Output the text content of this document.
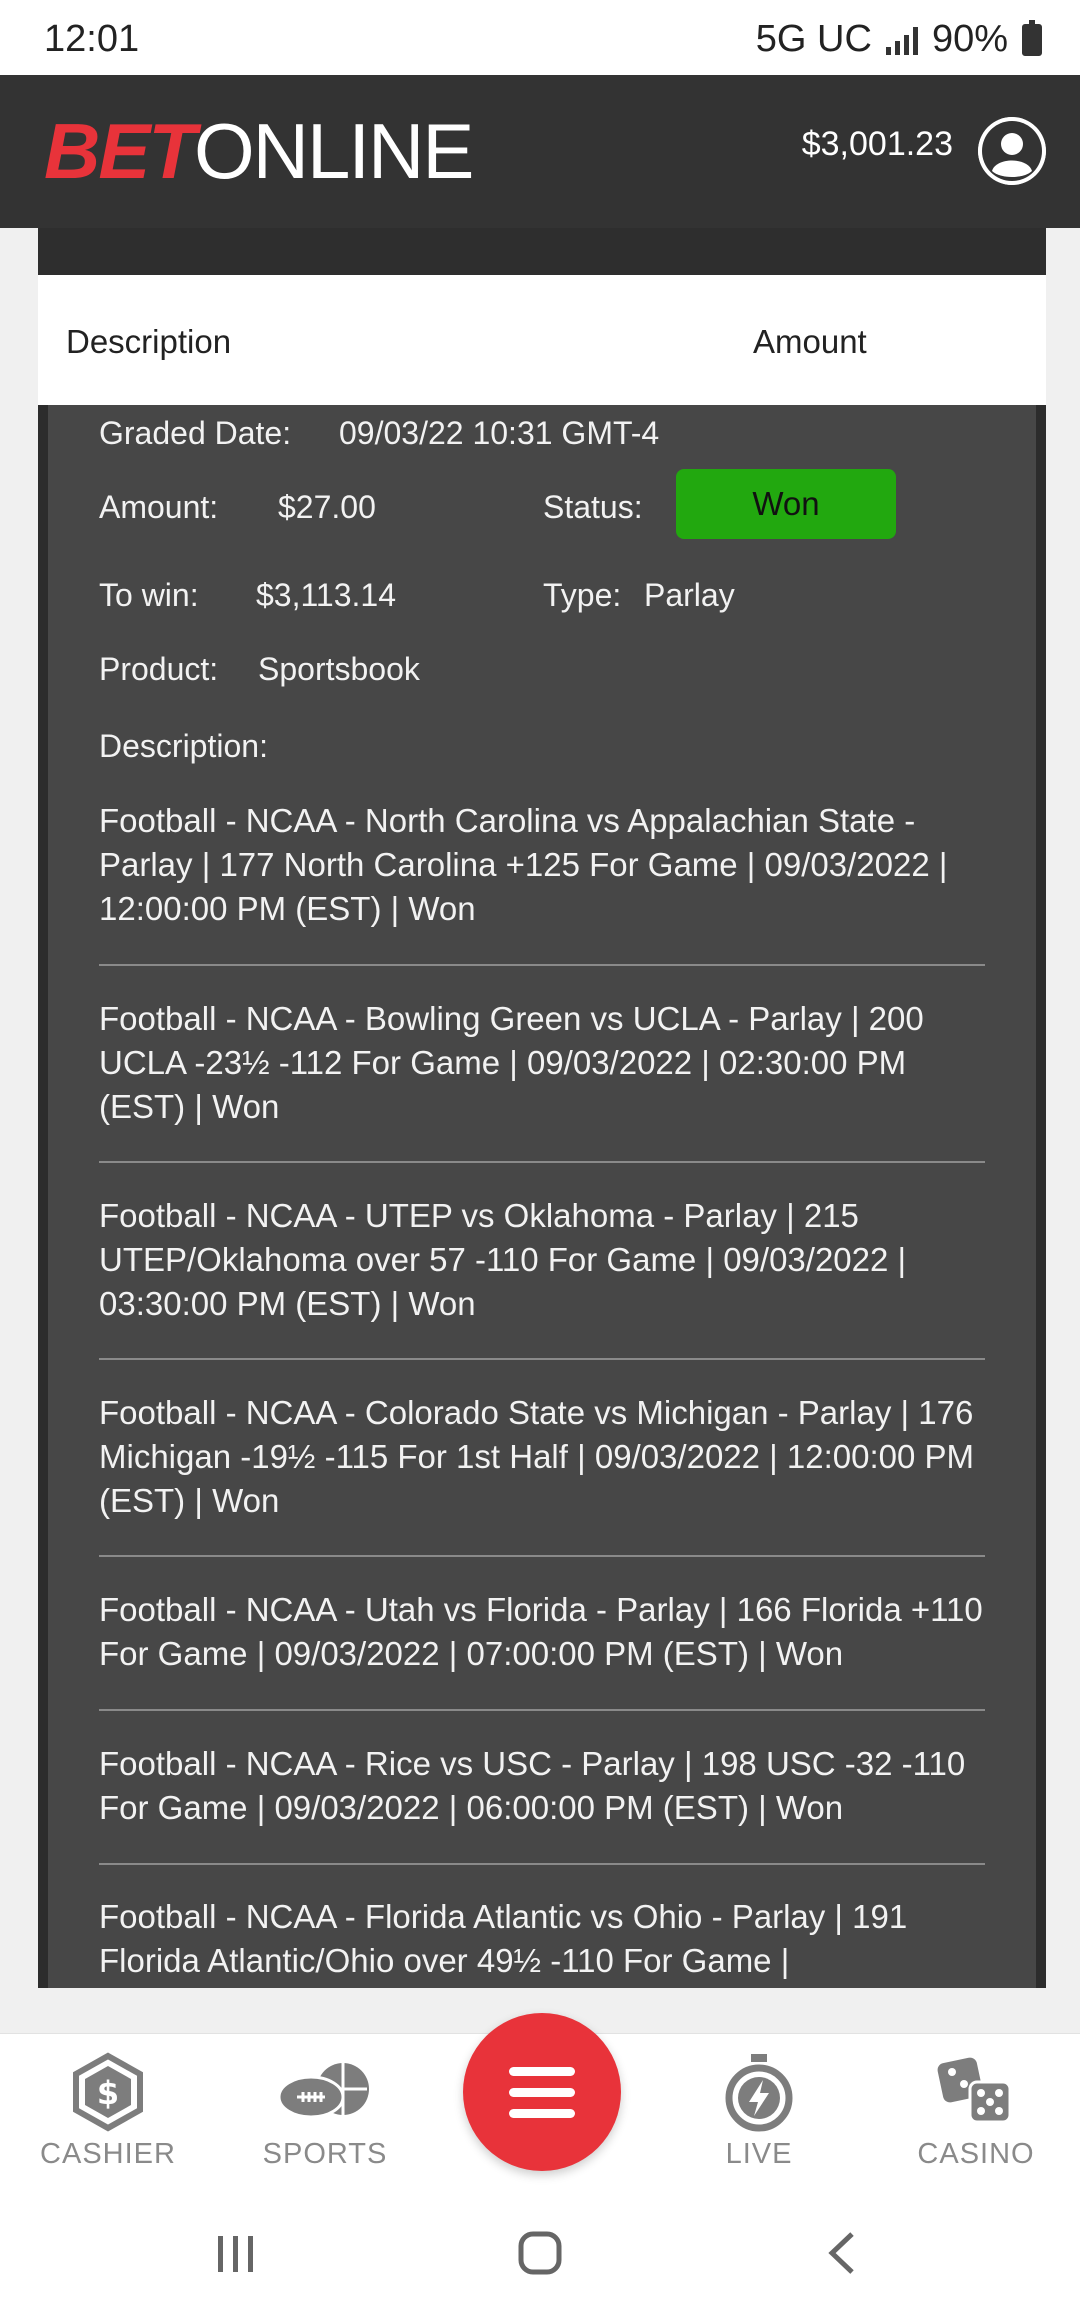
12:01	5G UC 90%
BET ONLINE	$3,001.23
Description	Amount
Graded Date: 09/03/22 10:31 GMT-4
Amount: $27.00	Status:	Won
To win: $3,113.14	Type: Parlay
Product: Sportsbook
Description:
Football - NCAA - North Carolina vs Appalachian State - Parlay | 177 North Carolina +125 For Game | 09/03/2022 | 12:00:00 PM (EST) | Won
Football - NCAA - Bowling Green vs UCLA - Parlay | 200 UCLA -23½ -112 For Game | 09/03/2022 | 02:30:00 PM (EST) | Won
Football - NCAA - UTEP vs Oklahoma - Parlay | 215 UTEP/Oklahoma over 57 -110 For Game | 09/03/2022 | 03:30:00 PM (EST) | Won
Football - NCAA - Colorado State vs Michigan - Parlay | 176 Michigan -19½ -115 For 1st Half | 09/03/2022 | 12:00:00 PM (EST) | Won
Football - NCAA - Utah vs Florida - Parlay | 166 Florida +110 For Game | 09/03/2022 | 07:00:00 PM (EST) | Won
Football - NCAA - Rice vs USC - Parlay | 198 USC -32 -110 For Game | 09/03/2022 | 06:00:00 PM (EST) | Won
Football - NCAA - Florida Atlantic vs Ohio - Parlay | 191 Florida Atlantic/Ohio over 49½ -110 For Game |
$
CASHIER	SPORTS	LIVE	CASINO
